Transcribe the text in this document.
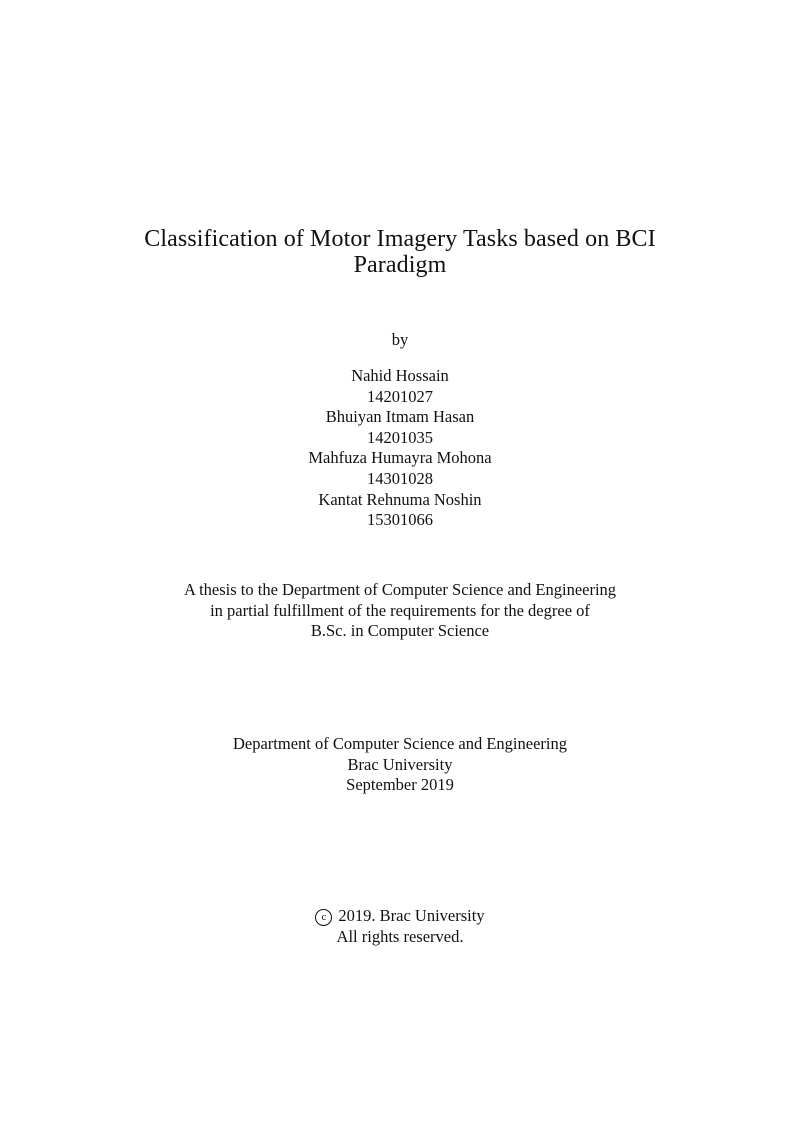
Classification of Motor Imagery Tasks based on BCI
Paradigm
by
Nahid Hossain
14201027
Bhuiyan Itmam Hasan
14201035
Mahfuza Humayra Mohona
14301028
Kantat Rehnuma Noshin
15301066
A thesis to the Department of Computer Science and Engineering
in partial fulfillment of the requirements for the degree of
B.Sc. in Computer Science
Department of Computer Science and Engineering
Brac University
September 2019
c 2019. Brac University
All rights reserved.
